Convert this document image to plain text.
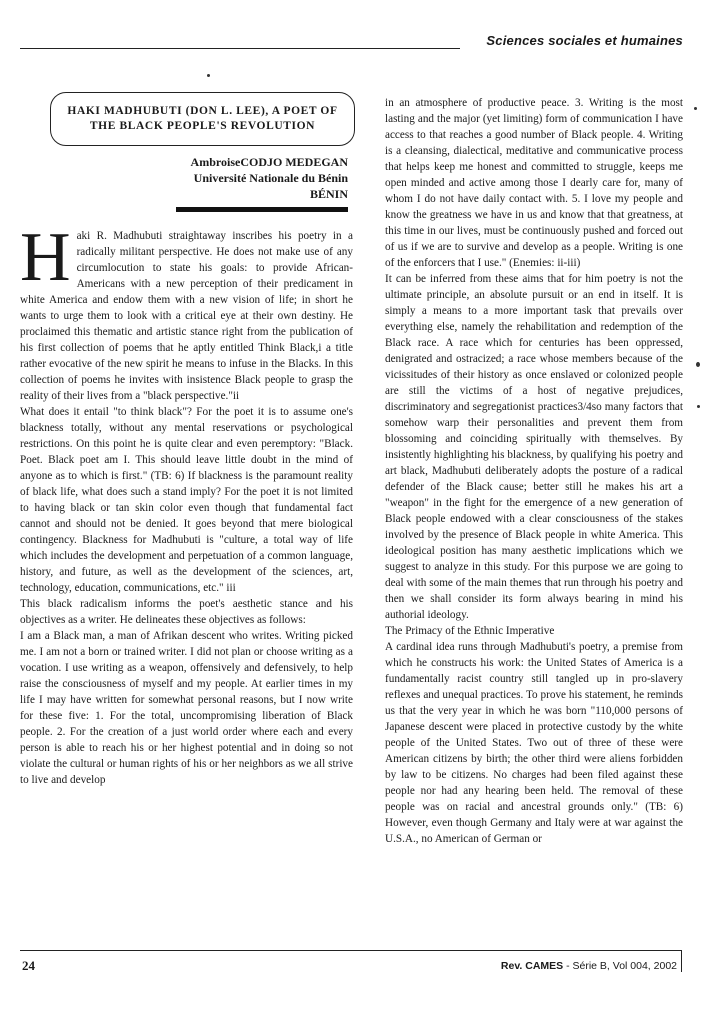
Sciences sociales et humaines
HAKI MADHUBUTI (DON L. LEE), A POET OF THE BLACK PEOPLE'S REVOLUTION
AmbroiseCODJO MEDEGAN
Université Nationale du Bénin
BÉNIN

Haki R. Madhubuti straightaway inscribes his poetry in a radically militant perspective. He does not make use of any circumlocution to state his goals: to provide African-Americans with a new perception of their predicament in white America and endow them with a new vision of life; in short he wants to urge them to look with a critical eye at their own destiny. He proclaimed this thematic and artistic stance right from the publication of his first collection of poems that he aptly entitled Think Black,i a title rather evocative of the new spirit he means to infuse in the Blacks. In this collection of poems he invites with insistence Black people to grasp the reality of their lives from a "black perspective."ii

What does it entail "to think black"? For the poet it is to assume one's blackness totally, without any mental reservations or psychological restrictions. On this point he is quite clear and even peremptory: "Black. Poet. Black poet am I. This should leave little doubt in the mind of anyone as to which is first." (TB: 6) If blackness is the paramount reality of black life, what does such a stand imply? For the poet it is not limited to having black or tan skin color even though that fundamental fact cannot and should not be denied. It goes beyond that mere biological contingency. Blackness for Madhubuti is "culture, a total way of life which includes the development and perpetuation of a common language, history, and future, as well as the development of the sciences, art, technology, education, communications, etc." iii

This black radicalism informs the poet's aesthetic stance and his objectives as a writer. He delineates these objectives as follows:

I am a Black man, a man of Afrikan descent who writes. Writing picked me. I am not a born or trained writer. I did not plan or choose writing as a vocation. I use writing as a weapon, offensively and defensively, to help raise the consciousness of myself and my people. At earlier times in my life I may have written for somewhat personal reasons, but I now write for these five: 1. For the total, uncompromising liberation of Black people. 2. For the creation of a just world order where each and every person is able to reach his or her highest potential and in doing so not violate the cultural or human rights of his or her neighbors as we all strive to live and develop

in an atmosphere of productive peace. 3. Writing is the most lasting and the major (yet limiting) form of communication I have access to that reaches a good number of Black people. 4. Writing is a cleansing, dialectical, meditative and communicative process that helps keep me honest and committed to struggle, keeps me open minded and active among those I dearly care for, many of whom I do not have daily contact with. 5. I love my people and know the greatness we have in us and know that that greatness, at this time in our lives, must be continuously pushed and forced out of us if we are to survive and develop as a people. Writing is one of the enforcers that I use." (Enemies: ii-iii)

It can be inferred from these aims that for him poetry is not the ultimate principle, an absolute pursuit or an end in itself. It is simply a means to a more important task that prevails over everything else, namely the rehabilitation and redemption of the Black race. A race which for centuries has been oppressed, denigrated and ostracized; a race whose members because of the vicissitudes of their history as once enslaved or colonized people are still the victims of a host of negative prejudices, discriminatory and segregationist practices3/4so many factors that somehow warp their personalities and prevent them from blossoming and coinciding spiritually with themselves. By insistently highlighting his blackness, by qualifying his poetry and art black, Madhubuti deliberately adopts the posture of a radical defender of the Black cause; better still he makes his art a "weapon" in the fight for the emergence of a new generation of Black people endowed with a clear consciousness of the stakes involved by the presence of Black people in white America. This ideological position has many aesthetic implications which we suggest to analyze in this study. For this purpose we are going to deal with some of the main themes that run through his poetry and then we shall consider its form always bearing in mind his authorial ideology.

The Primacy of the Ethnic Imperative

A cardinal idea runs through Madhubuti's poetry, a premise from which he constructs his work: the United States of America is a fundamentally racist country still tangled up in pro-slavery reflexes and unequal practices. To prove his statement, he reminds us that the very year in which he was born "110,000 persons of Japanese descent were placed in protective custody by the white people of the United States. Two out of three of these were American citizens by birth; the other third were aliens forbidden by law to be citizens. No charges had been filed against these people nor had any hearing been held. The removal of these people was on racial and ancestral grounds only." (TB: 6) However, even though Germany and Italy were at war against the U.S.A., no American of German or

24	Rev. CAMES - Série B, Vol 004, 2002
